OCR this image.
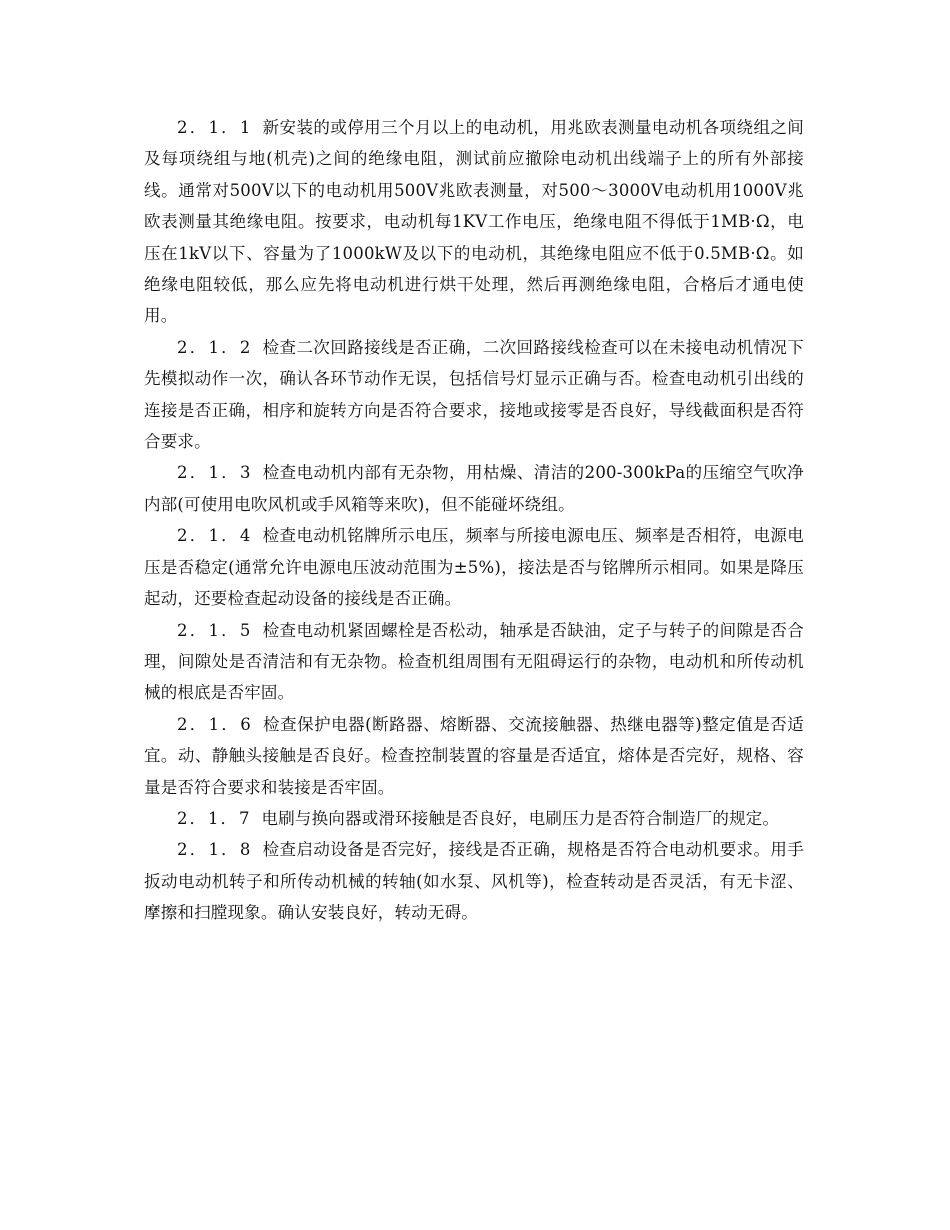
2．1．1 新安装的或停用三个月以上的电动机，用兆欧表测量电动机各项绕组之间及每项绕组与地(机壳)之间的绝缘电阻，测试前应撤除电动机出线端子上的所有外部接线。通常对500V以下的电动机用500V兆欧表测量，对500～3000V电动机用1000V兆欧表测量其绝缘电阻。按要求，电动机每1KV工作电压，绝缘电阻不得低于1MB·Ω，电压在1kV以下、容量为了1000kW及以下的电动机，其绝缘电阻应不低于0.5MB·Ω。如绝缘电阻较低，那么应先将电动机进行烘干处理，然后再测绝缘电阻，合格后才通电使用。

2．1．2 检查二次回路接线是否正确，二次回路接线检查可以在未接电动机情况下先模拟动作一次，确认各环节动作无误，包括信号灯显示正确与否。检查电动机引出线的连接是否正确，相序和旋转方向是否符合要求，接地或接零是否良好，导线截面积是否符合要求。

2．1．3 检查电动机内部有无杂物，用枯燥、清洁的200-300kPa的压缩空气吹净内部(可使用电吹风机或手风箱等来吹)，但不能碰坏绕组。

2．1．4 检查电动机铭牌所示电压，频率与所接电源电压、频率是否相符，电源电压是否稳定(通常允许电源电压波动范围为±5%)，接法是否与铭牌所示相同。如果是降压起动，还要检查起动设备的接线是否正确。

2．1．5 检查电动机紧固螺栓是否松动，轴承是否缺油，定子与转子的间隙是否合理，间隙处是否清洁和有无杂物。检查机组周围有无阻碍运行的杂物，电动机和所传动机械的根底是否牢固。

2．1．6 检查保护电器(断路器、熔断器、交流接触器、热继电器等)整定值是否适宜。动、静触头接触是否良好。检查控制装置的容量是否适宜，熔体是否完好，规格、容量是否符合要求和装接是否牢固。

2．1．7 电刷与换向器或滑环接触是否良好，电刷压力是否符合制造厂的规定。

2．1．8 检查启动设备是否完好，接线是否正确，规格是否符合电动机要求。用手扳动电动机转子和所传动机械的转轴(如水泵、风机等)，检查转动是否灵活，有无卡涩、摩擦和扫膛现象。确认安装良好，转动无碍。
